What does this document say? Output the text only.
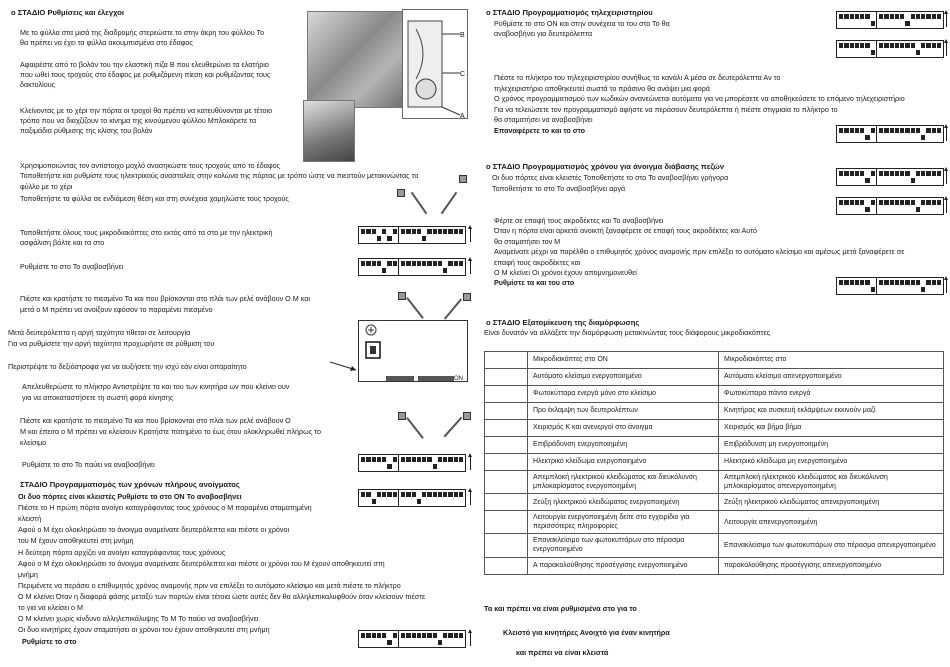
ο ΣΤΑΔΙΟ Ρυθμίσεις και έλεγχοι
Με το φύλλα στα μισά της διαδρομής στερεώστε το στην άκρη του φύλλου Το
θα πρέπει να έχει τα φύλλα ακουμπισμένα στο έδαφος
Αφαιρέστε από το βολάν του την ελαστική πίζα B που ελευθερώνει τα ελατήριο
που ωθεί τους τροχούς στο έδαφος με ρυθμιζόμενη πίεση και ρυθμίζοντας τους
δακτυλίους
Κλείνοντας με το χέρι την πόρτα οι τροχοί θα πρέπει να κατευθύνονται με τέτοιο
τρόπο που να διαχζίζουν το κίνημα της κινούμενου φύλλου Μπλοκάρετε τα
παξιμάδια ρύθμισης της κλίσης του βολάν
B
C
A
Χρησιμοποιώντας τον αντίστοιχο μοχλό ανασηκώστε τους τροχούς από το έδαφος
Τοποθετήστε και ρυθμίστε τους ηλεκτρικούς αναστολείς στην κολώνα της πόρτας με τρόπο ώστε να πιεστούν μετακινώντας το
φύλλο με το χέρι
Τοποθετήστε τα φύλλα σε ενδιάμεση θέση και στη συνέχεια χαμηλώστε τους τροχούς
Τοποθετήστε όλους τους μικροδιακόπτες στο εκτός από τα στο με την ηλεκτρική
ασφάλιση βάλτε και τα στο
Ρυθμίστε το στο Το αναβοσβήνει
Πιέστε και κρατήστε το πιεσμένο Τα και που βρίσκονται στο πλάι των ρελέ ανάβουν O M και
μετά ο M πρέπει να ανοίξουν εφόσον το παραμένει πιεσμένο
Μετά δευτερόλεπτα η αργή ταχύτητα τίθεται σε λειτουργία
Για να ρυθμίσετε την αργή ταχύτητα προχωρήστε σε ρύθμιση του
ON
Περιστρέψτε το δεξιόστροφα για να αυξήσετε την ισχύ εάν είναι απαραίτητο
Απελευθερώστε το πλήκτρο Αντιστρέψτε τα και του των κινητήρα ων που κλείνει ουν
για να αποκαταστήσετε τη σωστή φορά κίνησης
Πιέστε και κρατήστε το πιεσμένο Τα και που βρίσκονται στο πλάι των ρελέ ανάβουν O
M και έπειτα ο M πρέπει να κλείσουν Κρατήστε πατημένο το έως ότου ολοκληρωθεί πλήρως το
κλείσιμο
Ρυθμίστε το στο Το παύει να αναβοσβήνει
ΣΤΑΔΙΟ Προγραμματισμός των χρόνων πλήρους ανοίγματος
Οι δυο πόρτες είναι κλειστές Ρυθμίστε το στο ON Το αναβοσβήνει
Πιέστε το Η πρώτη πόρτα ανοίγει καταγράφοντας τους χρόνους ο M παραμένει σταματημένη
κλειστή
Αφού ο M έχει ολοκληρώσει το άνοιγμα αναμείνατε δευτερόλεπτα και πιέστε οι χρόνοι
του M έχουν αποθηκευτεί στη μνήμη
Η δεύτερη πόρτα αρχίζει να ανοίγει καταγράφοντας τους χρόνους
Αφού ο M έχει ολοκληρώσει το άνοιγμα αναμείνατε δευτερόλεπτα και πιέστε οι χρόνοι του M έχουν αποθηκευτεί στη
μνήμη
Περιμένετε να περάσει ο επιθυμητός χρόνος αναμονής πριν να επιλέξει το αυτόματο κλείσιμο και μετά πιέστε το πλήκτρο
O M κλείνει Όταν η διαφορά φάσης μεταξύ των πορτών είναι τέτοια ώστε αυτές δεν θα αλληλεπικαλυφθούν όταν κλείσουν πιέστε
το για να κλείσει ο M
O M κλείνει χωρίς κίνδυνο αλληλεπικάλυψης Το M Το παύει να αναβοσβήνει
Οι δυο κινητήρες έχουν σταματήσει οι χρόνοι του έχουν αποθηκευτεί στη μνήμη
Ρυθμίστε το στο
ο ΣΤΑΔΙΟ Προγραμματισμός τηλεχειριστηρίου
Ρυθμίστε το στο ON και στην συνέχεια το του στο Το θα
αναβοσβήνει για δευτερόλεπτα
Πιέστε το πλήκτρο του τηλεχειριστηρίου συνήθως το κανάλι A μέσα σε δευτερόλεπτα Αν το
τηλεχειριστήριο αποθηκευτεί σωστά το πράσινο θα ανάψει μια φορά
O χρόνος προγραμματισμού των κωδικών ανανεώνεται αυτόματα για να μπορέσετε να αποθηκεύσετε το επόμενο τηλεχειριστήριο
Για να τελειώσετε τον προγραμματισμό αφήστε να περάσουν δευτερόλεπτα ή πιέστε στιγμιαία το πλήκτρο το
θα σταματήσει να αναβοσβήνει
Επαναφέρετε το και το στο
ο ΣΤΑΔΙΟ Προγραμματισμός χρόνου για άνοιγμα διάβασης πεζών
Οι δυο πόρτες είναι κλειστές Τοποθετήστε το στο Το αναβοσβήνει γρήγορα
Τοποθετήστε το στο Το αναβοσβήνει αργά
Φέρτε σε επαφή τους ακροδέκτες και Το αναβοσβήνει
Όταν η πόρτα είναι αρκετά ανοικτή ξαναφέρετε σε επαφή τους ακροδέκτες και Αυτό
θα σταματήσει τον M
Αναμείνατε μέχρι να παρέλθει ο επιθυμητός χρόνος αναμονής πριν επιλέξει το αυτόματο κλείσιμο και αμέσως μετά ξαναφέρετε σε
επαφή τους ακροδέκτες και
O M κλείνει Οι χρόνοι έχουν απομνημονευθεί
Ρυθμίστε τα και του στο
ο ΣΤΑΔΙΟ Εξατομίκευση της διαμόρφωσης
Είναι δυνατόν να αλλάξετε την διαμόρφωση μετακινώντας τους διάφορους μικροδιακόπτες
	Μικροδιακόπτες στο ON	Μικροδιακόπτες στο
	Αυτόματο κλείσιμο ενεργοποιημένο	Αυτόματο κλείσιμο απενεργοποιημένο
	Φωτοκύτταρα ενεργά μόνο στο κλείσιμο	Φωτοκύτταρα πάντα ενεργά
	Προ έκλαμψη των δευτερολέπτων	Κινητήρας και συσκευή εκλάμψεων εκκινούν μαζί
	Χειρισμός K και ανενεργοί στο άνοιγμα	Χειρισμός και βήμα βήμα
	Επιβράδυνση ενεργοποιημένη	Επιβράδυνση μη ενεργοποιημένη
	Ηλεκτρικό κλείδωμα ενεργοποιημένο	Ηλεκτρικό κλείδωμα μη ενεργοποιημένο
	Απεμπλοκή ηλεκτρικού κλειδώματος και διευκόλυνση μπλοκαρίσματος ενεργοποιημένη	Απεμπλοκή ηλεκτρικού κλειδώματος και διευκόλυνση μπλοκαρίσματος απενεργοποιημένη
	Ζεύξη ηλεκτρικού κλειδώματος ενεργοποιημένη	Ζεύξη ηλεκτρικού κλειδώματος απενεργοποιημένη
	Λειτουργία ενεργοποιημένη δείτε στο εγχειρίδιο για περισσότερες πληροφορίες	Λειτουργία απενεργοποιημένη
	Επανακλείσιμο των φωτοκυττάρων στο πέρασμα ενεργοποιημένο	Επανακλείσιμο των φωτοκυττάρων στο πέρασμα απενεργοποιημένο
	A παρακολούθησης προσέγγισης ενεργοποιημένο	παρακολούθησης προσέγγισης απενεργοποιημένο
Τα και πρέπει να είναι ρυθμισμένα στο για το
Κλειστό για κινητήρες Ανοιχτό για έναν κινητήρα
και πρέπει να είναι κλειστά
